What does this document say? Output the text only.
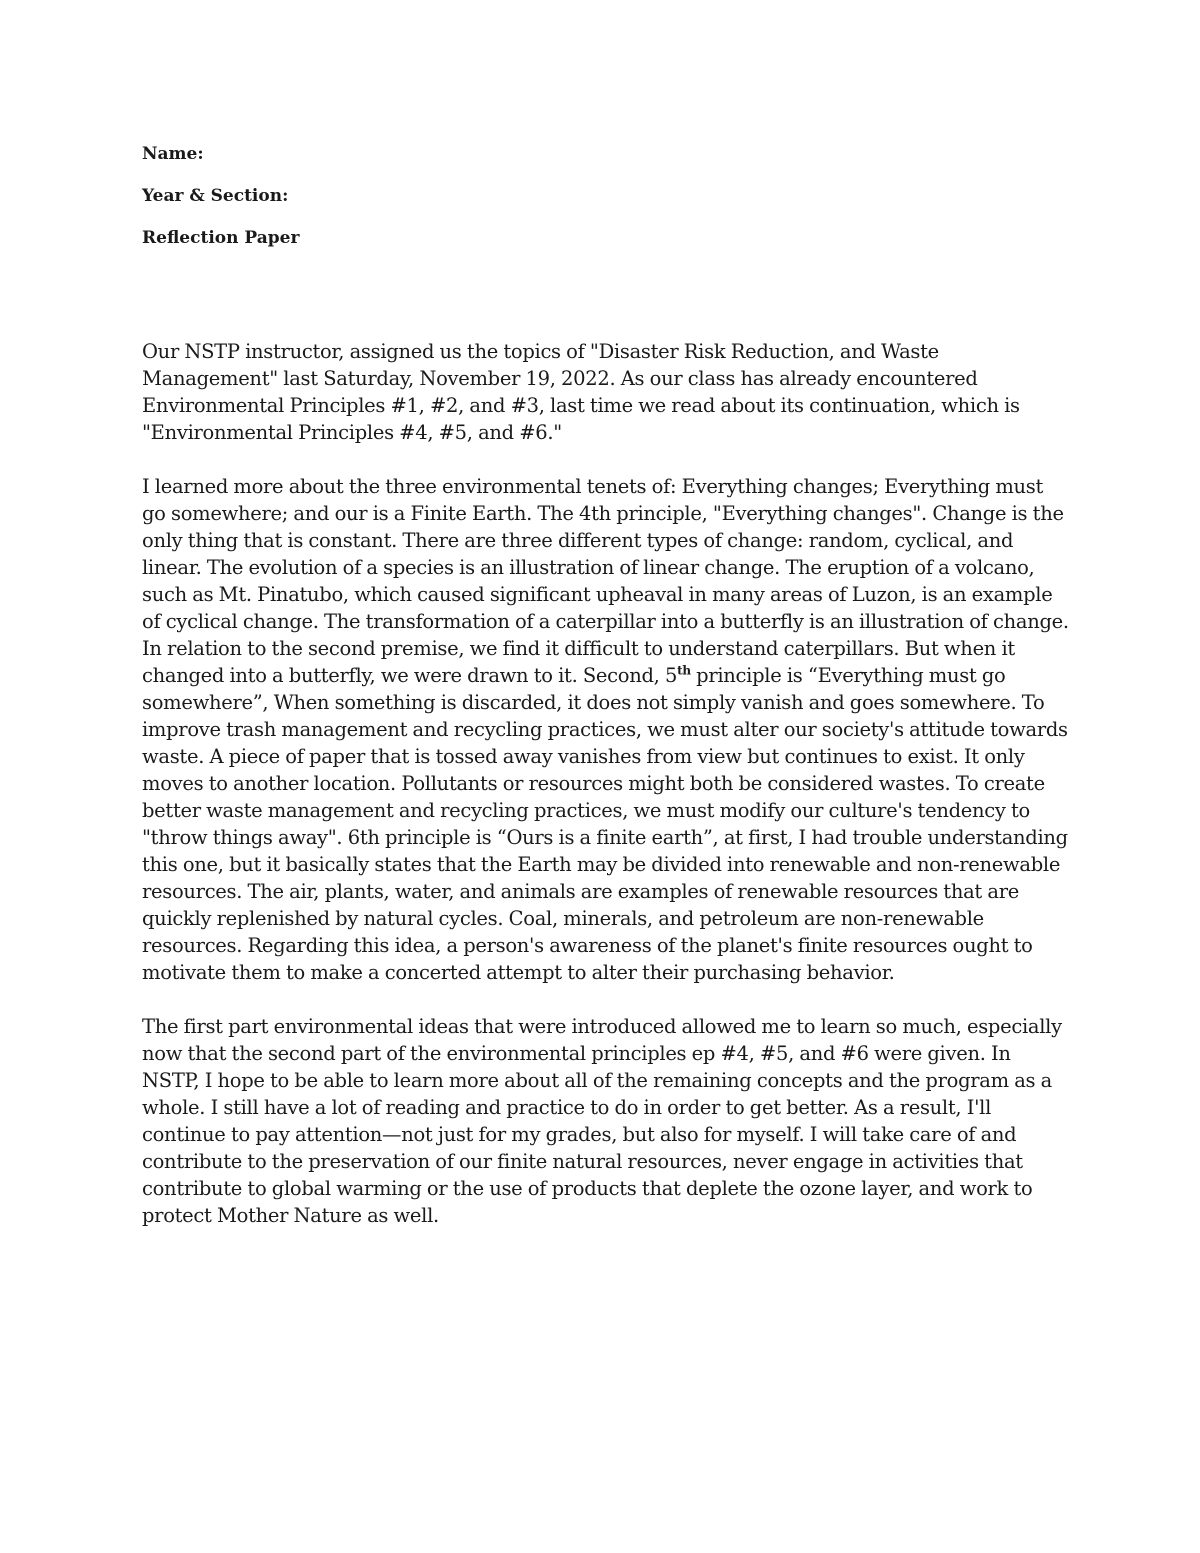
Name:

Year & Section:

Reflection Paper

Our NSTP instructor, assigned us the topics of "Disaster Risk Reduction, and Waste Management" last Saturday, November 19, 2022. As our class has already encountered Environmental Principles #1, #2, and #3, last time we read about its continuation, which is "Environmental Principles #4, #5, and #6."

I learned more about the three environmental tenets of: Everything changes; Everything must go somewhere; and our is a Finite Earth. The 4th principle, "Everything changes". Change is the only thing that is constant. There are three different types of change: random, cyclical, and linear. The evolution of a species is an illustration of linear change. The eruption of a volcano, such as Mt. Pinatubo, which caused significant upheaval in many areas of Luzon, is an example of cyclical change. The transformation of a caterpillar into a butterfly is an illustration of change. In relation to the second premise, we find it difficult to understand caterpillars. But when it changed into a butterfly, we were drawn to it. Second, 5th principle is “Everything must go somewhere”, When something is discarded, it does not simply vanish and goes somewhere. To improve trash management and recycling practices, we must alter our society's attitude towards waste. A piece of paper that is tossed away vanishes from view but continues to exist. It only moves to another location. Pollutants or resources might both be considered wastes. To create better waste management and recycling practices, we must modify our culture's tendency to "throw things away". 6th principle is “Ours is a finite earth”, at first, I had trouble understanding this one, but it basically states that the Earth may be divided into renewable and non-renewable resources. The air, plants, water, and animals are examples of renewable resources that are quickly replenished by natural cycles. Coal, minerals, and petroleum are non-renewable resources. Regarding this idea, a person's awareness of the planet's finite resources ought to motivate them to make a concerted attempt to alter their purchasing behavior.

The first part environmental ideas that were introduced allowed me to learn so much, especially now that the second part of the environmental principles ep #4, #5, and #6 were given. In NSTP, I hope to be able to learn more about all of the remaining concepts and the program as a whole. I still have a lot of reading and practice to do in order to get better. As a result, I'll continue to pay attention—not just for my grades, but also for myself. I will take care of and contribute to the preservation of our finite natural resources, never engage in activities that contribute to global warming or the use of products that deplete the ozone layer, and work to protect Mother Nature as well.
